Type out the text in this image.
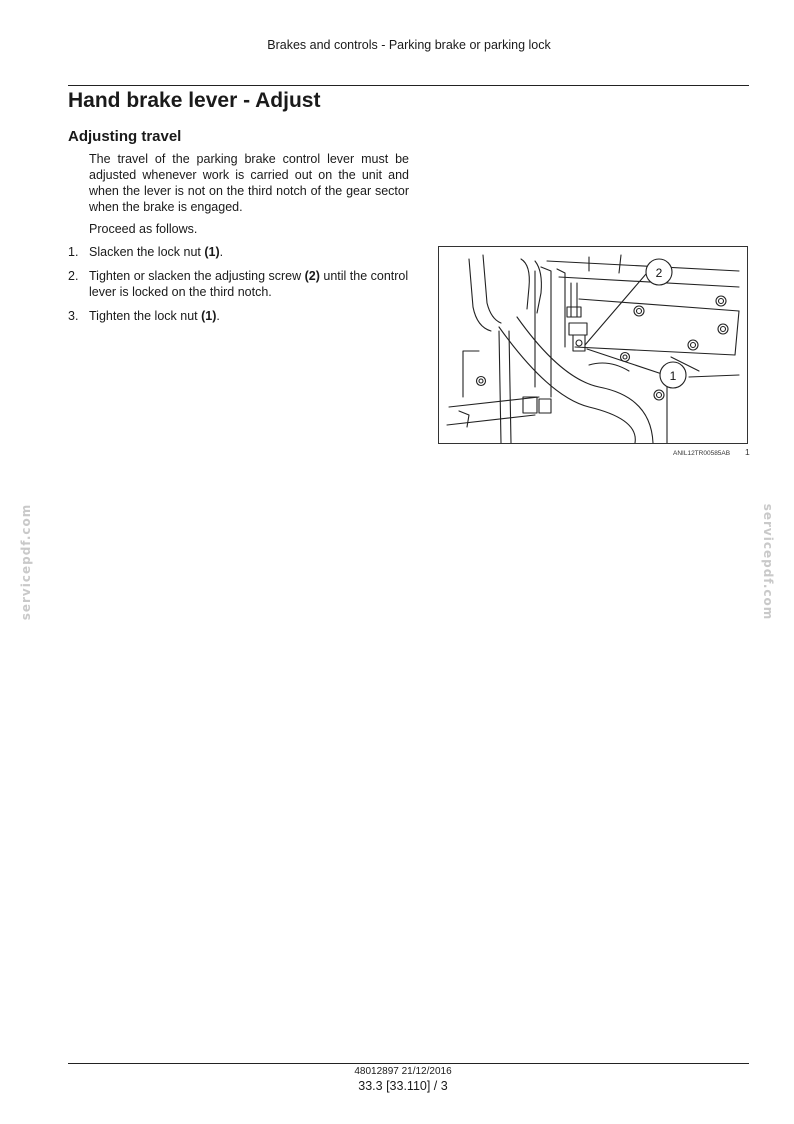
Brakes and controls - Parking brake or parking lock
Hand brake lever - Adjust
Adjusting travel

The travel of the parking brake control lever must be adjusted whenever work is carried out on the unit and when the lever is not on the third notch of the gear sector when the brake is engaged.

Proceed as follows.

1. Slacken the lock nut (1).
2. Tighten or slacken the adjusting screw (2) until the control lever is locked on the third notch.
3. Tighten the lock nut (1).
2
1
ANIL12TR00585AB 1
servicepdf.com	servicepdf.com
48012897 21/12/2016
33.3 [33.110] / 3
